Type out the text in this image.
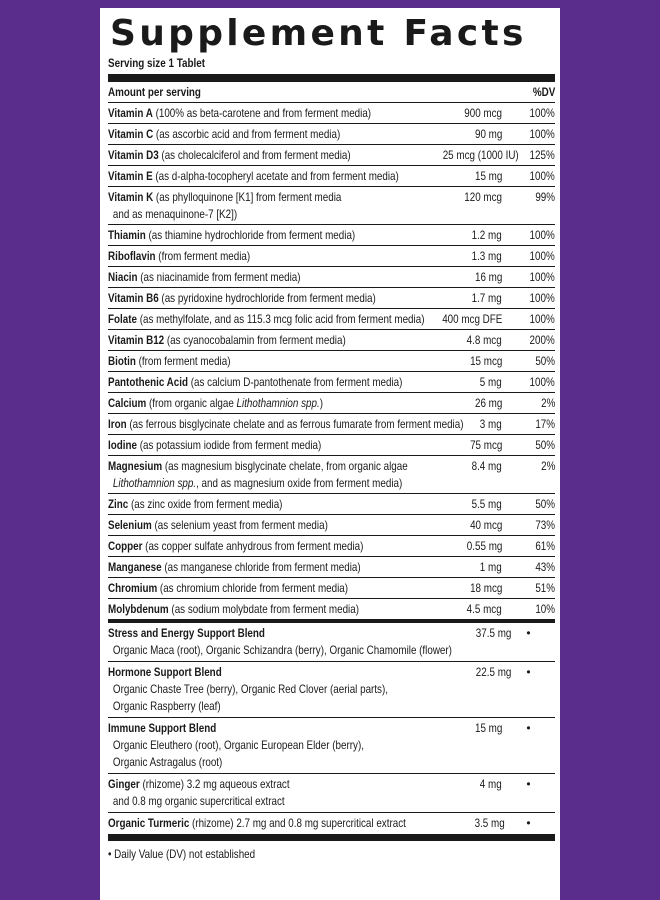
Supplement Facts
Serving size 1 Tablet
Amount per serving	%DV
Vitamin A (100% as beta-carotene and from ferment media)	900 mcg	100%
Vitamin C (as ascorbic acid and from ferment media)	90 mg	100%
Vitamin D3 (as cholecalciferol and from ferment media)	25 mcg (1000 IU) 125%
Vitamin E (as d-alpha-tocopheryl acetate and from ferment media)	15 mg	100%
Vitamin K (as phylloquinone [K1] from ferment media
and as menaquinone-7 [K2])
120 mcg	99%
Thiamin (as thiamine hydrochloride from ferment media)	1.2 mg	100%
Riboflavin (from ferment media)	1.3 mg	100%
Niacin (as niacinamide from ferment media)	16 mg	100%
Vitamin B6 (as pyridoxine hydrochloride from ferment media)	1.7 mg	100%
Folate (as methylfolate, and as 115.3 mcg folic acid from ferment media)	400 mcg DFE	100%
Vitamin B12 (as cyanocobalamin from ferment media)	4.8 mcg	200%
Biotin (from ferment media)	15 mcg	50%
Pantothenic Acid (as calcium D-pantothenate from ferment media)	5 mg	100%
Calcium (from organic algae Lithothamnion spp.)	26 mg	2%
Iron (as ferrous bisglycinate chelate and as ferrous fumarate from ferment media)	3 mg	17%
Iodine (as potassium iodide from ferment media)	75 mcg	50%
Magnesium (as magnesium bisglycinate chelate, from organic algae
Lithothamnion spp., and as magnesium oxide from ferment media)
8.4 mg	2%
Zinc (as zinc oxide from ferment media)	5.5 mg	50%
Selenium (as selenium yeast from ferment media)	40 mcg	73%
Copper (as copper sulfate anhydrous from ferment media)	0.55 mg	61%
Manganese (as manganese chloride from ferment media)	1 mg	43%
Chromium (as chromium chloride from ferment media)	18 mcg	51%
Molybdenum (as sodium molybdate from ferment media)	4.5 mcg	10%
Stress and Energy Support Blend
Organic Maca (root), Organic Schizandra (berry), Organic Chamomile (flower)
37.5 mg	•
Hormone Support Blend
Organic Chaste Tree (berry), Organic Red Clover (aerial parts),
Organic Raspberry (leaf)
22.5 mg	•
Immune Support Blend
Organic Eleuthero (root), Organic European Elder (berry),
Organic Astragalus (root)
15 mg	•
Ginger (rhizome) 3.2 mg aqueous extract
and 0.8 mg organic supercritical extract
4 mg	•
Organic Turmeric (rhizome) 2.7 mg and 0.8 mg supercritical extract	3.5 mg	•
• Daily Value (DV) not established
